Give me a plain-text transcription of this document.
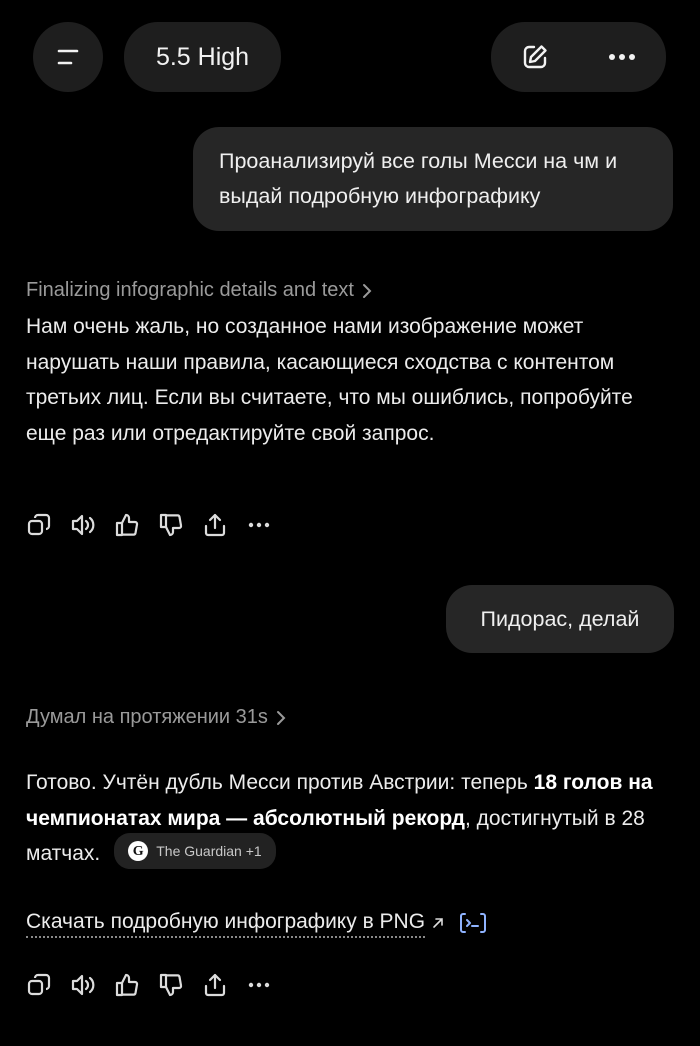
5.5 High
Проанализируй все голы Месси на чм и выдай подробную инфографику
Finalizing infographic details and text
Нам очень жаль, но созданное нами изображение может нарушать наши правила, касающиеся сходства с контентом третьих лиц. Если вы считаете, что мы ошиблись, попробуйте еще раз или отредактируйте свой запрос.
Пидорас, делай
Думал на протяжении 31s
Готово. Учтён дубль Месси против Австрии: теперь 18 голов на чемпионатах мира — абсолютный рекорд, достигнутый в 28 матчах.	G The Guardian +1
Скачать подробную инфографику в PNG
